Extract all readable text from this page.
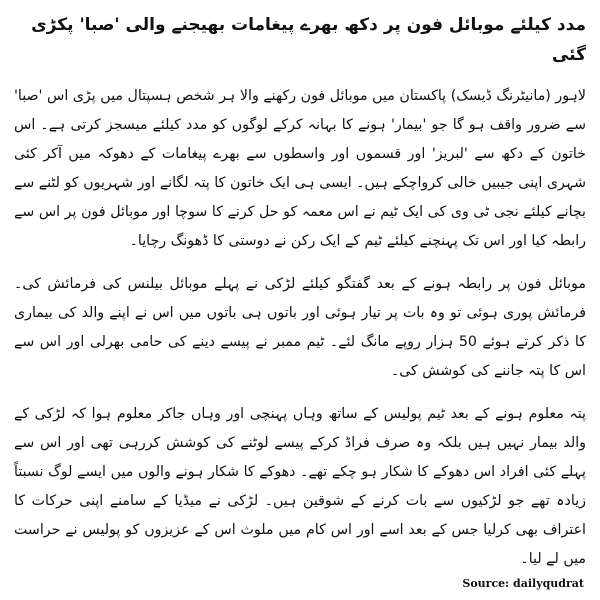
مدد کیلئے موبائل فون پر دکھ بھرے پیغامات بھیجنے والی 'صبا' پکڑی گئی

لاہور (مانیٹرنگ ڈیسک) پاکستان میں موبائل فون رکھنے والا ہر شخص ہسپتال میں پڑی اس 'صبا' سے ضرور واقف ہو گا جو 'بیمار' ہونے کا بہانہ کرکے لوگوں کو مدد کیلئے میسجز کرتی ہے۔ اس خاتون کے دکھ سے 'لبریز' اور قسموں اور واسطوں سے بھرے پیغامات کے دھوکہ میں آکر کئی شہری اپنی جیبیں خالی کرواچکے ہیں۔ ایسی ہی ایک خاتون کا پتہ لگانے اور شہریوں کو لٹنے سے بچانے کیلئے نجی ٹی وی کی ایک ٹیم نے اس معمہ کو حل کرنے کا سوچا اور موبائل فون پر اس سے رابطہ کیا اور اس تک پہنچنے کیلئے ٹیم کے ایک رکن نے دوستی کا ڈھونگ رچایا۔

موبائل فون پر رابطہ ہونے کے بعد گفتگو کیلئے لڑکی نے پہلے موبائل بیلنس کی فرمائش کی۔ فرمائش پوری ہوئی تو وہ بات پر تیار ہوئی اور باتوں ہی باتوں میں اس نے اپنے والد کی بیماری کا ذکر کرتے ہوئے 50 ہزار روپے مانگ لئے۔ ٹیم ممبر نے پیسے دینے کی حامی بھرلی اور اس سے اس کا پتہ جاننے کی کوشش کی۔

پتہ معلوم ہونے کے بعد ٹیم پولیس کے ساتھ وہاں پہنچی اور وہاں جاکر معلوم ہوا کہ لڑکی کے والد بیمار نہیں ہیں بلکہ وہ صرف فراڈ کرکے پیسے لوٹنے کی کوشش کررہی تھی اور اس سے پہلے کئی افراد اس دھوکے کا شکار ہو چکے تھے۔ دھوکے کا شکار ہونے والوں میں ایسے لوگ نسبتاً زیادہ تھے جو لڑکیوں سے بات کرنے کے شوقین ہیں۔ لڑکی نے میڈیا کے سامنے اپنی حرکات کا اعتراف بھی کرلیا جس کے بعد اسے اور اس کام میں ملوث اس کے عزیزوں کو پولیس نے حراست میں لے لیا۔

Source: dailyqudrat
